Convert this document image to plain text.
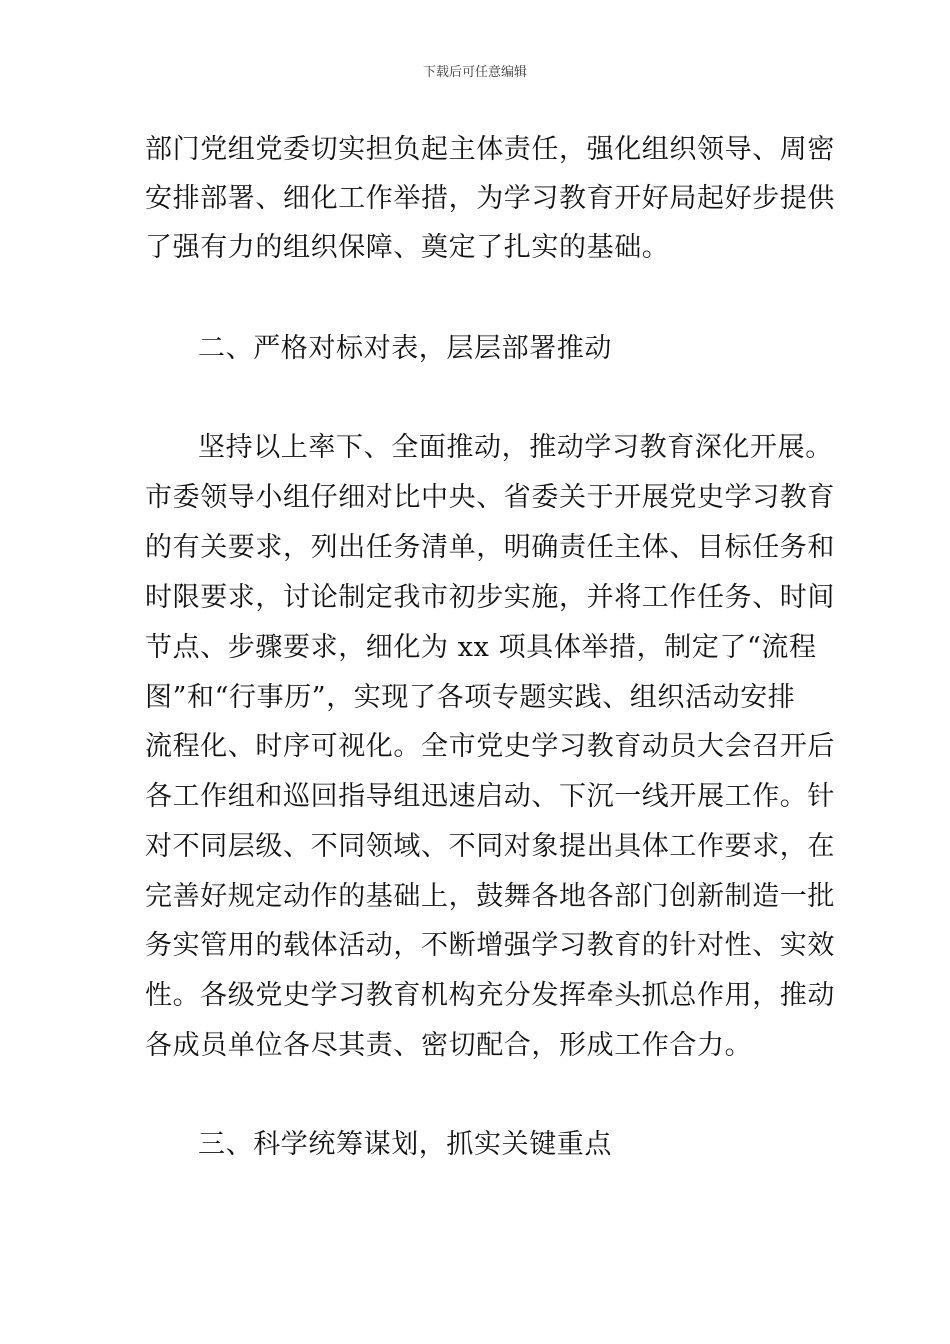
下载后可任意编辑
部门党组党委切实担负起主体责任，强化组织领导、周密
安排部署、细化工作举措，为学习教育开好局起好步提供
了强有力的组织保障、奠定了扎实的基础。
二、严格对标对表，层层部署推动
坚持以上率下、全面推动，推动学习教育深化开展。
市委领导小组仔细对比中央、省委关于开展党史学习教育
的有关要求，列出任务清单，明确责任主体、目标任务和
时限要求，讨论制定我市初步实施，并将工作任务、时间
节点、步骤要求，细化为 xx 项具体举措，制定了“流程
图”和“行事历”，实现了各项专题实践、组织活动安排
流程化、时序可视化。全市党史学习教育动员大会召开后
各工作组和巡回指导组迅速启动、下沉一线开展工作。针
对不同层级、不同领域、不同对象提出具体工作要求，在
完善好规定动作的基础上，鼓舞各地各部门创新制造一批
务实管用的载体活动，不断增强学习教育的针对性、实效
性。各级党史学习教育机构充分发挥牵头抓总作用，推动
各成员单位各尽其责、密切配合，形成工作合力。
三、科学统筹谋划，抓实关键重点
